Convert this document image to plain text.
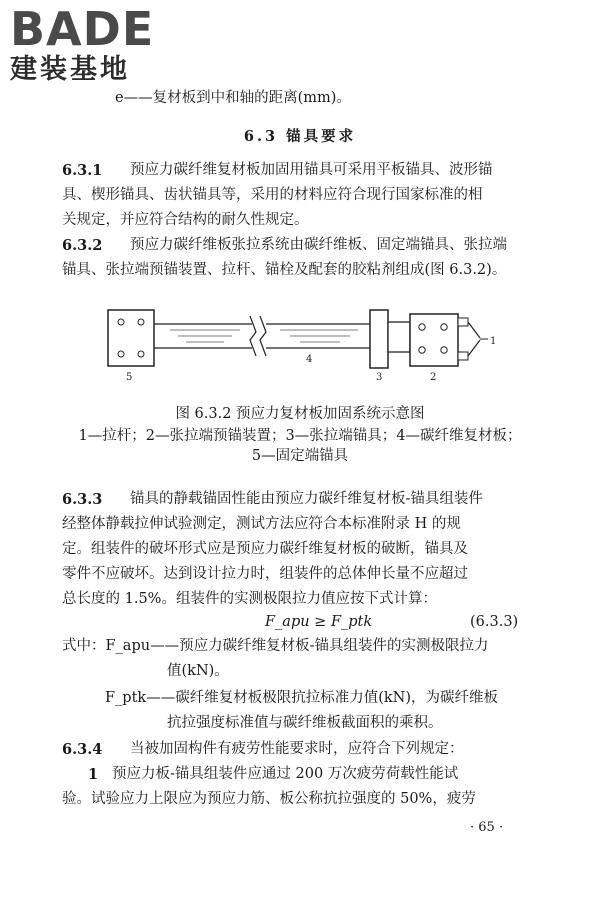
BADE
建装基地

e——复材板到中和轴的距离(mm)。

6.3 锚具要求

6.3.1 预应力碳纤维复材板加固用锚具可采用平板锚具、波形锚

具、楔形锚具、齿状锚具等，采用的材料应符合现行国家标准的相

关规定，并应符合结构的耐久性规定。

6.3.2 预应力碳纤维板张拉系统由碳纤维板、固定端锚具、张拉端

锚具、张拉端预锚装置、拉杆、锚栓及配套的胶粘剂组成(图 6.3.2)。

1
2
3
4
5

图 6.3.2 预应力复材板加固系统示意图

1—拉杆；2—张拉端预锚装置；3—张拉端锚具；4—碳纤维复材板；

5—固定端锚具

6.3.3 锚具的静载锚固性能由预应力碳纤维复材板-锚具组装件

经整体静载拉伸试验测定，测试方法应符合本标准附录 H 的规

定。组装件的破坏形式应是预应力碳纤维复材板的破断，锚具及

零件不应破坏。达到设计拉力时，组装件的总体伸长量不应超过

总长度的 1.5%。组装件的实测极限拉力值应按下式计算：

F_apu ≥ F_ptk	(6.3.3)

式中：F_apu——预应力碳纤维复材板-锚具组装件的实测极限拉力

值(kN)。

F_ptk——碳纤维复材板极限抗拉标准力值(kN)，为碳纤维板

抗拉强度标准值与碳纤维板截面积的乘积。

6.3.4 当被加固构件有疲劳性能要求时，应符合下列规定：

1 预应力板-锚具组装件应通过 200 万次疲劳荷载性能试

验。试验应力上限应为预应力筋、板公称抗拉强度的 50%，疲劳

· 65 ·
